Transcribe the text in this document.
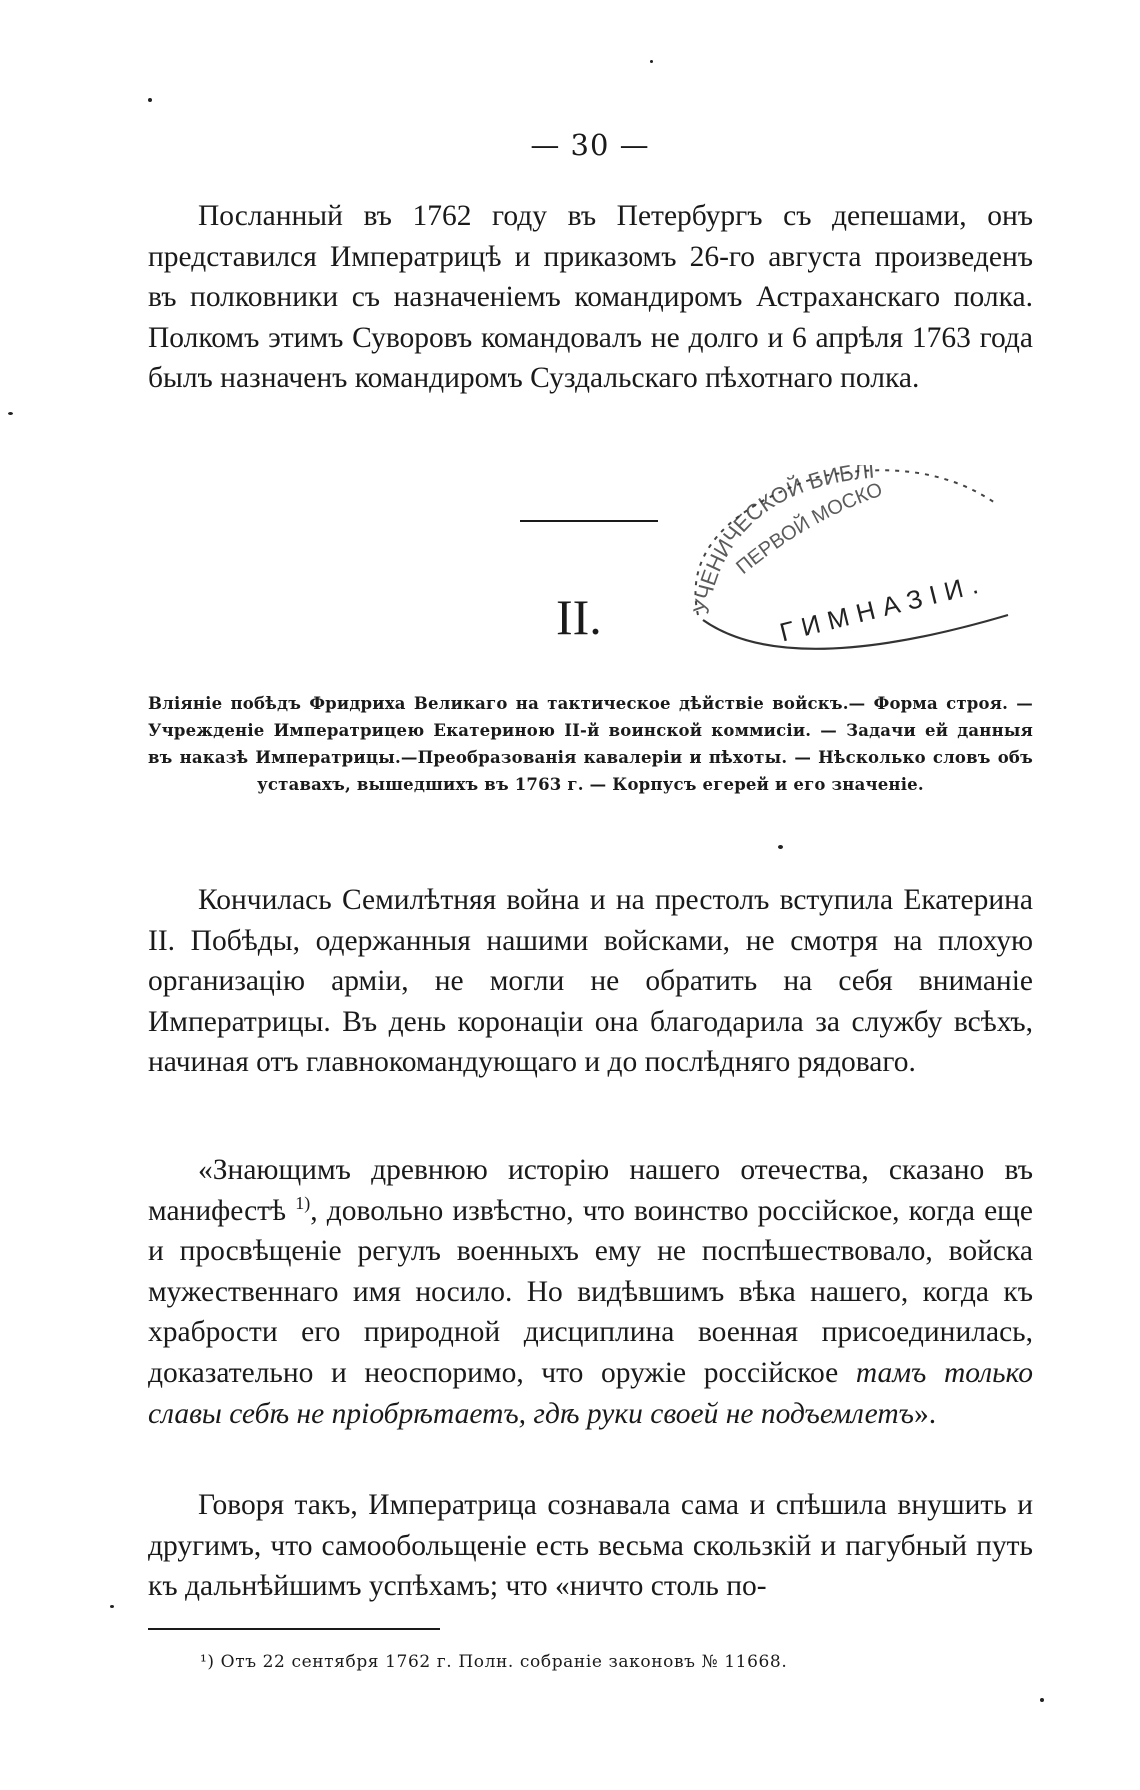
— 30 —

Посланный въ 1762 году въ Петербургъ съ депешами, онъ представился Императрицѣ и приказомъ 26-го августа произведенъ въ полковники съ назначеніемъ командиромъ Астраханскаго полка. Полкомъ этимъ Суворовъ командовалъ не долго и 6 апрѣля 1763 года былъ назначенъ командиромъ Суздальскаго пѣхотнаго полка.

УЧЕНИЧЕСКОЙ БИБЛІ
ПЕРВОЙ МОСКО
ГИМНАЗІИ.
II.

Вліяніе побѣдъ Фридриха Великаго на тактическое дѣйствіе войскъ.— Форма строя. — Учрежденіе Императрицею Екатериною II-й воинской коммисіи. — Задачи ей данныя въ наказѣ Императрицы.—Преобразованія кавалеріи и пѣхоты. — Нѣсколько словъ объ уставахъ, вышедшихъ въ 1763 г. — Корпусъ егерей и его значеніе.

Кончилась Семилѣтняя война и на престолъ вступила Екатерина II. Побѣды, одержанныя нашими войсками, не смотря на плохую организацію арміи, не могли не обратить на себя вниманіе Императрицы. Въ день коронаціи она благодарила за службу всѣхъ, начиная отъ главнокомандующаго и до послѣдняго рядоваго.

«Знающимъ древнюю исторію нашего отечества, сказано въ манифестѣ $^{1)}$, довольно извѣстно, что воинство россійское, когда еще и просвѣщеніе регулъ военныхъ ему не поспѣшествовало, войска мужественнаго имя носило. Но видѣвшимъ вѣка нашего, когда къ храбрости его природной дисциплина военная присоединилась, доказательно и неоспоримо, что оружіе россійское тамъ только славы себѣ не пріобрѣтаетъ, гдѣ руки своей не подъемлетъ».

Говоря такъ, Императрица сознавала сама и спѣшила внушить и другимъ, что самообольщеніе есть весьма скользкій и пагубный путь къ дальнѣйшимъ успѣхамъ; что «ничто столь по-

¹) Отъ 22 сентября 1762 г. Полн. собраніе законовъ № 11668.
